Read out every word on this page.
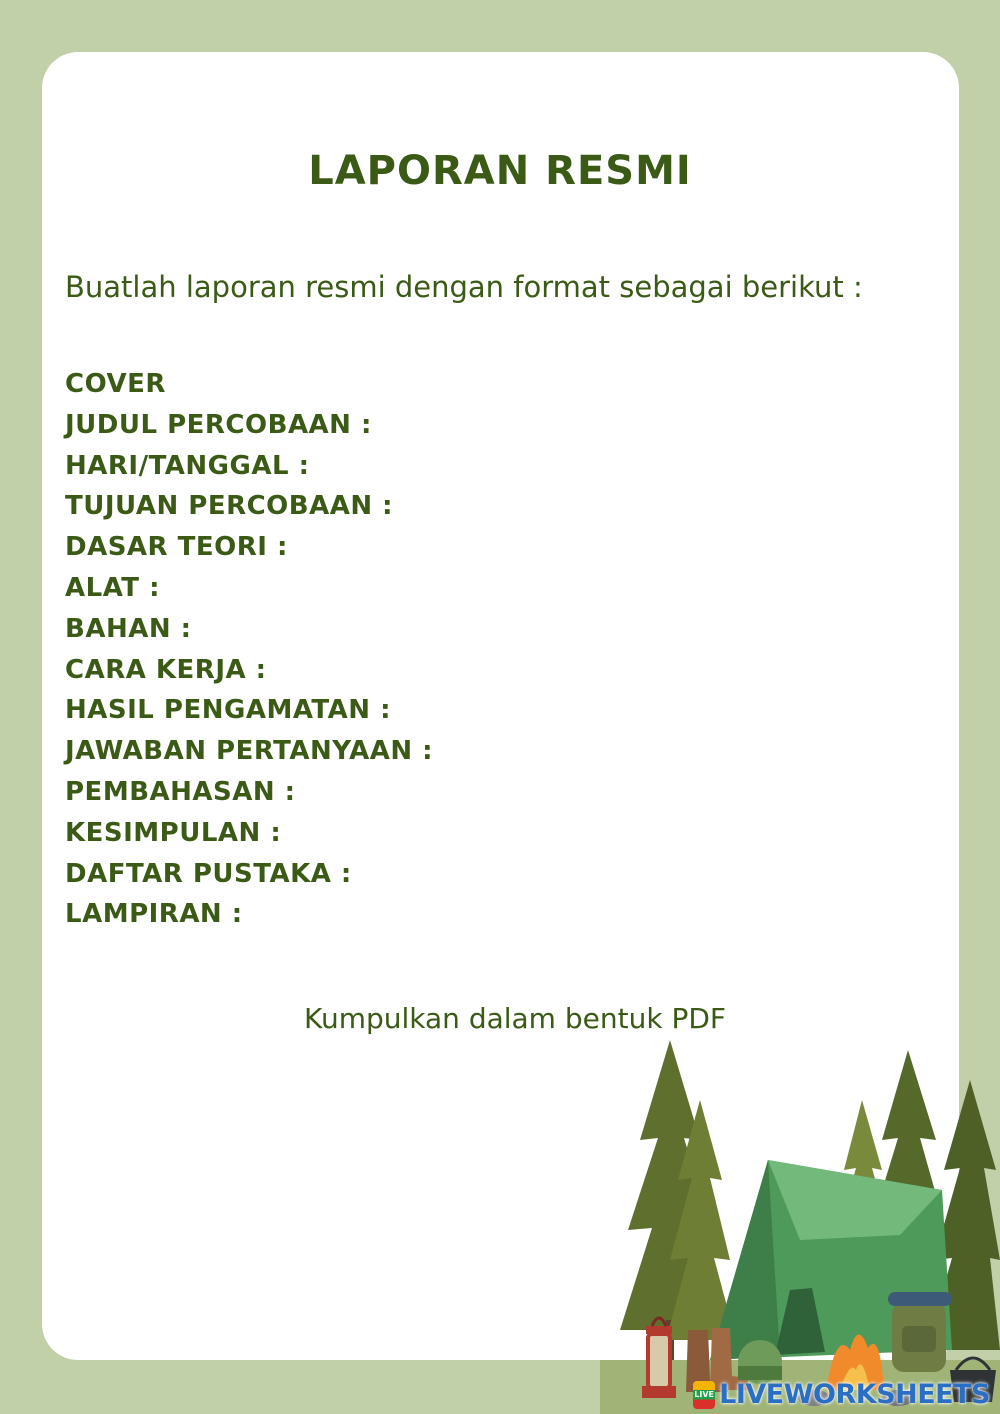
LAPORAN RESMI

Buatlah laporan resmi dengan format sebagai berikut :

COVER
JUDUL PERCOBAAN :
HARI/TANGGAL :
TUJUAN PERCOBAAN :
DASAR TEORI :
ALAT :
BAHAN :
CARA KERJA :
HASIL PENGAMATAN :
JAWABAN PERTANYAAN :
PEMBAHASAN :
KESIMPULAN :
DAFTAR PUSTAKA :
LAMPIRAN :

Kumpulkan dalam bentuk PDF

LIVE LIVEWORKSHEETS
